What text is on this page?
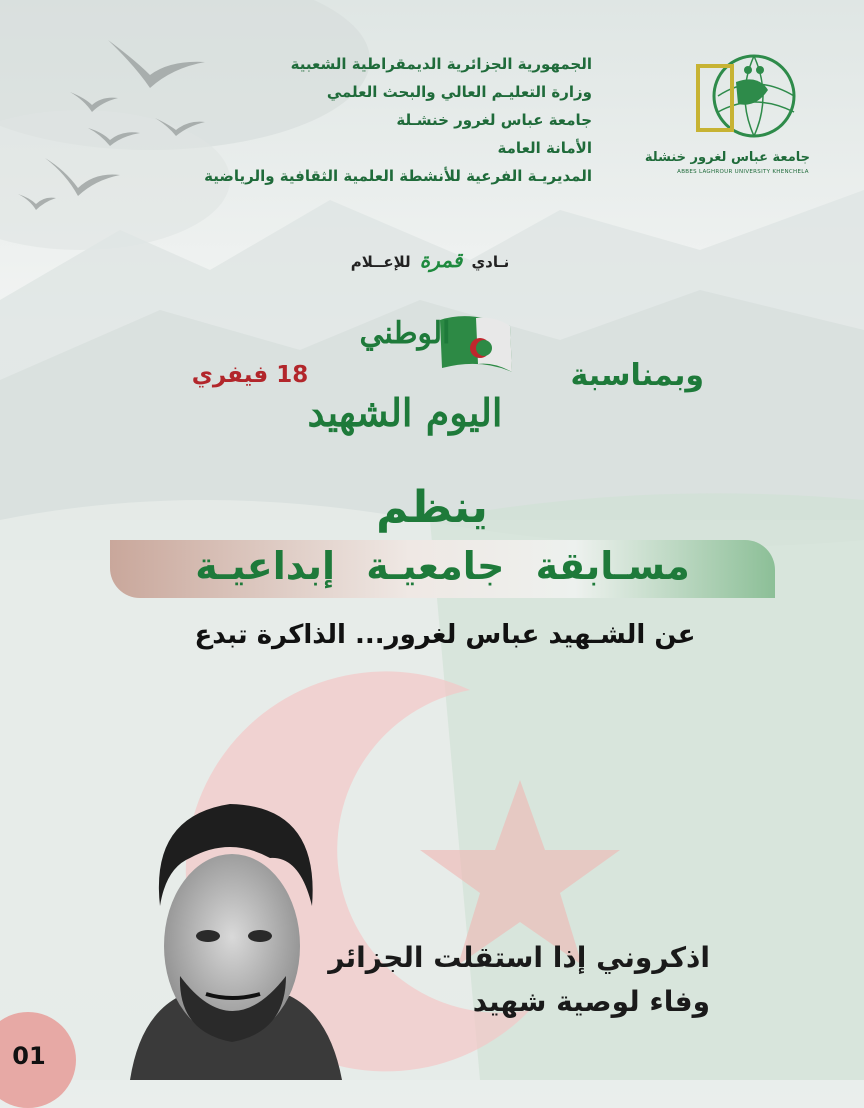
الجمهورية الجزائرية الديمقراطية الشعبية
وزارة التعليـم العالي والبحث العلمي
جامعة عباس لغرور خنشـلة
الأمانة العامة
المديريـة الفرعية للأنشطة العلمية الثقافية والرياضية
جامعة عباس لغرور خنشلة
ABBES LAGHROUR UNIVERSITY KHENCHELA
نـادي قمرة للإعــلام
وبمناسبة
18 فيفري
الوطني
اليوم الشهيد
ينظم
مسـابقة جامعيـة إبداعيـة
عن الشـهيد عباس لغرور... الذاكرة تبدع
اذكروني إذا استقلت الجزائر
وفاء لوصية شهيد
01
